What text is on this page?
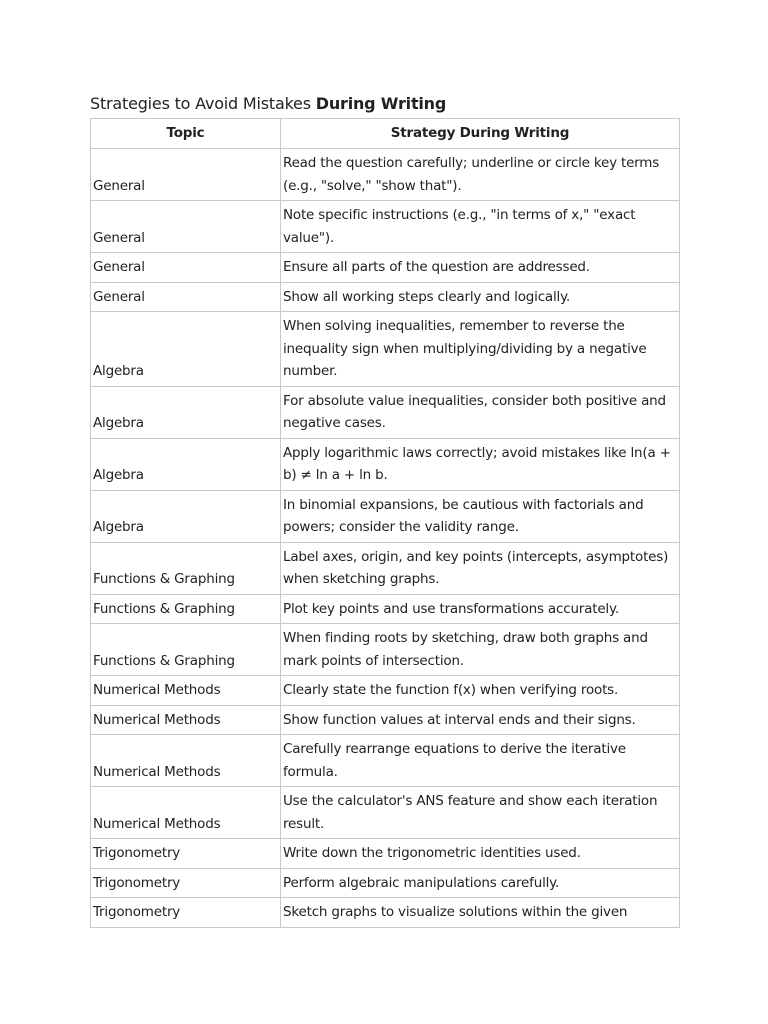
Strategies to Avoid Mistakes During Writing
Topic	Strategy During Writing
General	Read the question carefully; underline or circle key terms (e.g., "solve," "show that").
General	Note specific instructions (e.g., "in terms of x," "exact value").
General	Ensure all parts of the question are addressed.
General	Show all working steps clearly and logically.
Algebra	When solving inequalities, remember to reverse the inequality sign when multiplying/dividing by a negative number.
Algebra	For absolute value inequalities, consider both positive and negative cases.
Algebra	Apply logarithmic laws correctly; avoid mistakes like ln(a + b) ≠ ln a + ln b.
Algebra	In binomial expansions, be cautious with factorials and powers; consider the validity range.
Functions & Graphing	Label axes, origin, and key points (intercepts, asymptotes) when sketching graphs.
Functions & Graphing	Plot key points and use transformations accurately.
Functions & Graphing	When finding roots by sketching, draw both graphs and mark points of intersection.
Numerical Methods	Clearly state the function f(x) when verifying roots.
Numerical Methods	Show function values at interval ends and their signs.
Numerical Methods	Carefully rearrange equations to derive the iterative formula.
Numerical Methods	Use the calculator's ANS feature and show each iteration result.
Trigonometry	Write down the trigonometric identities used.
Trigonometry	Perform algebraic manipulations carefully.
Trigonometry	Sketch graphs to visualize solutions within the given
